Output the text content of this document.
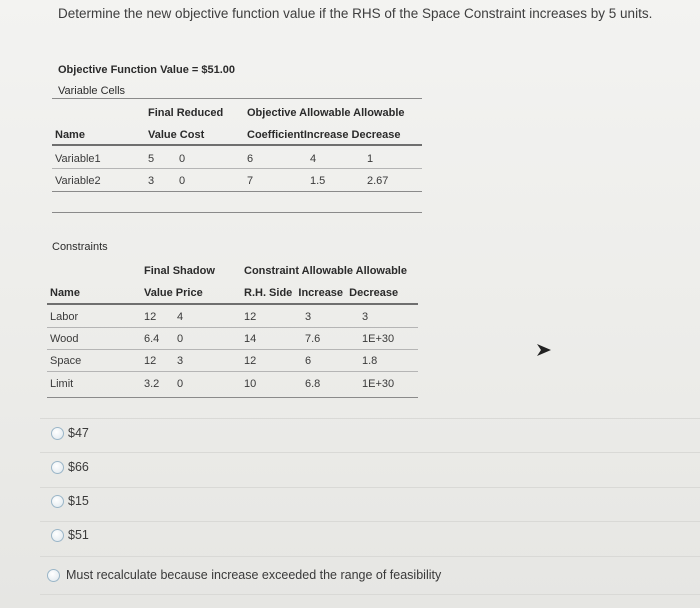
Determine the new objective function value if the RHS of the Space Constraint increases by 5 units.
Objective Function Value = $51.00
Variable Cells
Final Reduced Objective Allowable Allowable
Name	Value Cost	CoefficientIncrease Decrease
Variable1	5 0	6	4	1
Variable2	3 0	7	1.5	2.67
Constraints
Final Shadow	Constraint Allowable Allowable
Name	Value Price	R.H. Side  Increase  Decrease
Labor	12 4	12	3	3
Wood	6.4 0	14	7.6	1E+30
Space	12 3	12	6	1.8
Limit	3.2 0	10	6.8	1E+30
$47
$66
$15
$51
Must recalculate because increase exceeded the range of feasibility
